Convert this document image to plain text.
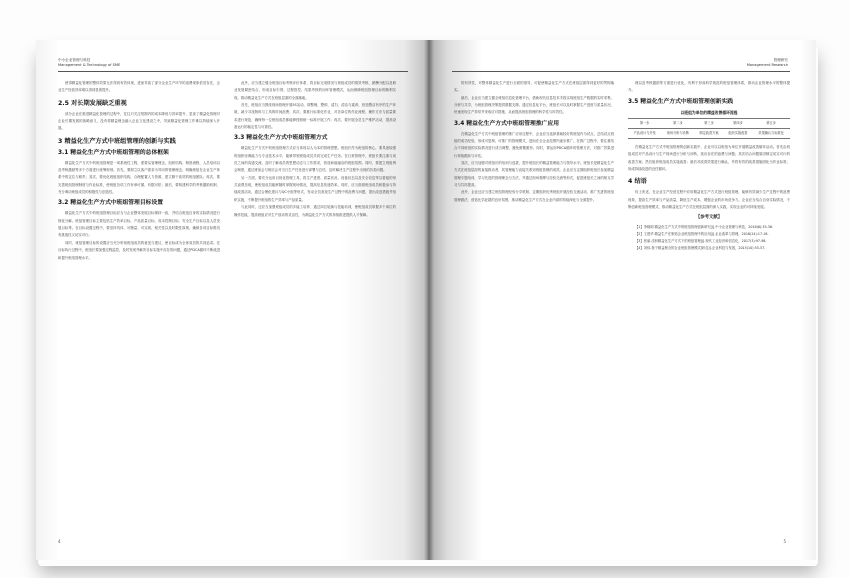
中小企业管理与科技
Management & Technology of SME

使得精益化管理的整体效果无法得到有效体现，进而导致了部分企业生产环节的浪费现象依旧存在，企业生产经营效率难以得到显著提升。

2.5 对长期发展缺乏重视

部分企业在推进精益化管理的过程中，往往只关注短期内的成本降低与效率提升，忽视了精益化管理对企业长期发展的战略意义，没有将精益理念融入企业文化建设之中，导致精益化管理工作难以持续深入开展。

3 精益化生产方式中班组管理的创新与实践
3.1 精益化生产方式中班组管理的总体框架

精益化生产方式中的班组管理是一项系统性工程，需要从管理理念、组织结构、制度流程、人员培训以及考核激励等多个方面进行统筹规划。首先，要树立以客户需求为导向的管理理念，明确班组在企业生产体系中的定位与职责；其次，要优化班组组织结构，合理配置人力资源，建立精干高效的班组团队；再次，要完善班组管理制度与作业标准，使班组各项工作有章可循、有据可依；最后，要构建科学的考核激励机制，充分调动班组成员的积极性与创造性。

3.2 精益化生产方式中班组管理目标设置

精益化生产方式中的班组管理目标应当与企业整体发展目标保持一致，并结合班组自身的实际情况进行细化分解。班组管理目标主要包括生产效率目标、产品质量目标、成本控制目标、安全生产目标以及人员发展目标等。在目标设置过程中，要坚持具体、可衡量、可实现、相关性以及时限性原则，确保各项目标既具有挑战性又切实可行。

同时，班组管理目标的设置应当充分听取班组成员的意见与建议，使目标成为全体成员的共同追求。在目标执行过程中，班组长要加强过程监控，及时发现并解决目标实施中存在的问题，通过PDCA循环不断改进和提升班组管理水平。

此外，应当建立健全班组目标考核评价体系，将目标完成情况与班组成员的绩效考核、薪酬分配以及职业发展紧密结合，形成目标引领、过程管控、结果考核的闭环管理模式，从而保障班组管理目标的顺利实现，推动精益化生产方式在班组层面的全面落地。

首先，班组应当围绕现场管理开展5S活动，即整理、整顿、清扫、清洁与素养，营造整洁有序的生产环境，减少寻找物料与工具的时间浪费；其次，要推行标准化作业，对各岗位的作业流程、操作方法与质量要求进行规范，确保每一位班组成员都能够按照统一标准开展工作；再次，要开展全员生产维护活动，提高设备运行的稳定性与可靠性。

3.3 精益化生产方式中班组管理方式

精益化生产方式中的班组管理方式应当体现以人为本的管理思想。班组长作为班组的核心，要具备较强的组织协调能力与专业技术水平，能够带领班组成员共同完成生产任务。在日常管理中，班组长要注重与成员之间的沟通交流，及时了解成员的思想动态与工作需求，营造和谐融洽的班组氛围。同时，要建立班组例会制度，通过班前会与班后会对当日生产任务进行部署与总结，及时解决生产过程中出现的各类问题。

另一方面，要充分运用目视化管理工具，将生产进度、质量状况、设备状态以及安全信息等以看板的形式直观呈现，使班组成员能够随时掌握现场情况，提高信息传递效率。同时，应当鼓励班组成员积极参与持续改善活动，通过合理化建议与QC小组等形式，发动全员查找生产过程中的浪费与问题，提出改进措施并组织实施，不断提升班组的生产效率与产品质量。

与此同时，还应当加强班组成员的多能工培养，通过岗位轮换与技能培训，使班组成员掌握多个岗位的操作技能，提高班组应对生产波动的灵活性，为精益化生产方式的持续推进提供人才保障。

4
管理研究
Management Research

的有效性，对整体精益化生产进行全面的指导，可促使精益化生产方式在班组层面得到更好的贯彻落实。

最后，企业应当建立健全班组信息化管理平台，借助现代信息技术手段实现班组生产数据的实时采集、分析与共享，为班组管理决策提供数据支撑。通过信息化平台，班组长可以及时掌握生产进度与质量状况，快速发现生产异常并采取应对措施，从而提高班组管理的科学性与时效性。

3.4 精益化生产方式中班组管理推广应用

在精益化生产方式中班组管理的推广应用过程中，企业应当选择基础较好的班组作为试点，总结试点班组的成功经验，形成可复制、可推广的管理模式，进而在全企业范围内逐步推广。在推广过程中，要注重结合不同班组的实际情况进行适当调整，避免照搬照抄。同时，要运用PDCA循环的管理方法，对推广效果进行持续跟踪与评估。

其次，应当加强对班组长的培训与选拔，提升班组长的精益管理能力与领导水平。班组长是精益化生产方式在班组层面的直接推动者，其管理能力直接关系到班组管理的成效。企业应当定期组织班组长参加精益管理专题培训，学习先进的管理理念与方法，并通过现场观摩与经验交流等形式，促进班组长之间的相互学习与共同提高。

此外，企业还应当建立班组管理经验分享机制，定期组织优秀班组开展经验交流活动，推广先进的班组管理做法，营造比学赶超的良好氛围，推动精益化生产方式在企业内部的持续深化与全面提升。

理以及考核激励等方面进行优化，有利于形成科学规范的班组管理体系，推动企业管理水平的整体提升。

3.5 精益化生产方式中班组管理创新实践
以班组为单位的精益改善循环流程
第一步	第二步	第三步	第四步	第五步
产品设计与开发	现场分析与诊断	制定改善方案	组织实施改善	效果确认与标准化

在精益化生产方式中班组管理的创新实践中，企业可以以班组为单位开展精益改善循环活动。首先由班组成员对产品设计与生产现场进行分析与诊断，找出存在的浪费与问题；其次结合问题原因制定切实可行的改善方案；然后组织班组成员实施改善；最后对改善效果进行确认，并将有效的改善措施固化为作业标准，形成持续改进的良性循环。

4 结语

综上所述，在企业生产经营过程中应用精益化生产方式进行班组管理，能够有效减少生产过程中的浪费现象，提高生产效率与产品质量，降低生产成本，增强企业的市场竞争力。企业应当结合自身实际情况，不断创新班组管理模式，推动精益化生产方式在班组层面的深入实践，实现企业的可持续发展。

【参考文献】

【1】李晓明.精益化生产方式中的班组管理创新研究[J].中小企业管理与科技，2018(6):35-36.

【2】王建华.精益生产在制造企业班组管理中的应用[J].企业改革与管理，2016(24):17-18.

【3】张丽.浅析精益化生产方式下的班组管理[J].现代工业经济和信息化，2017(3):97-98.

【4】刘伟.基于精益理念的企业班组管理模式探讨[J].企业科技与发展，2015(10):55-57.

5
